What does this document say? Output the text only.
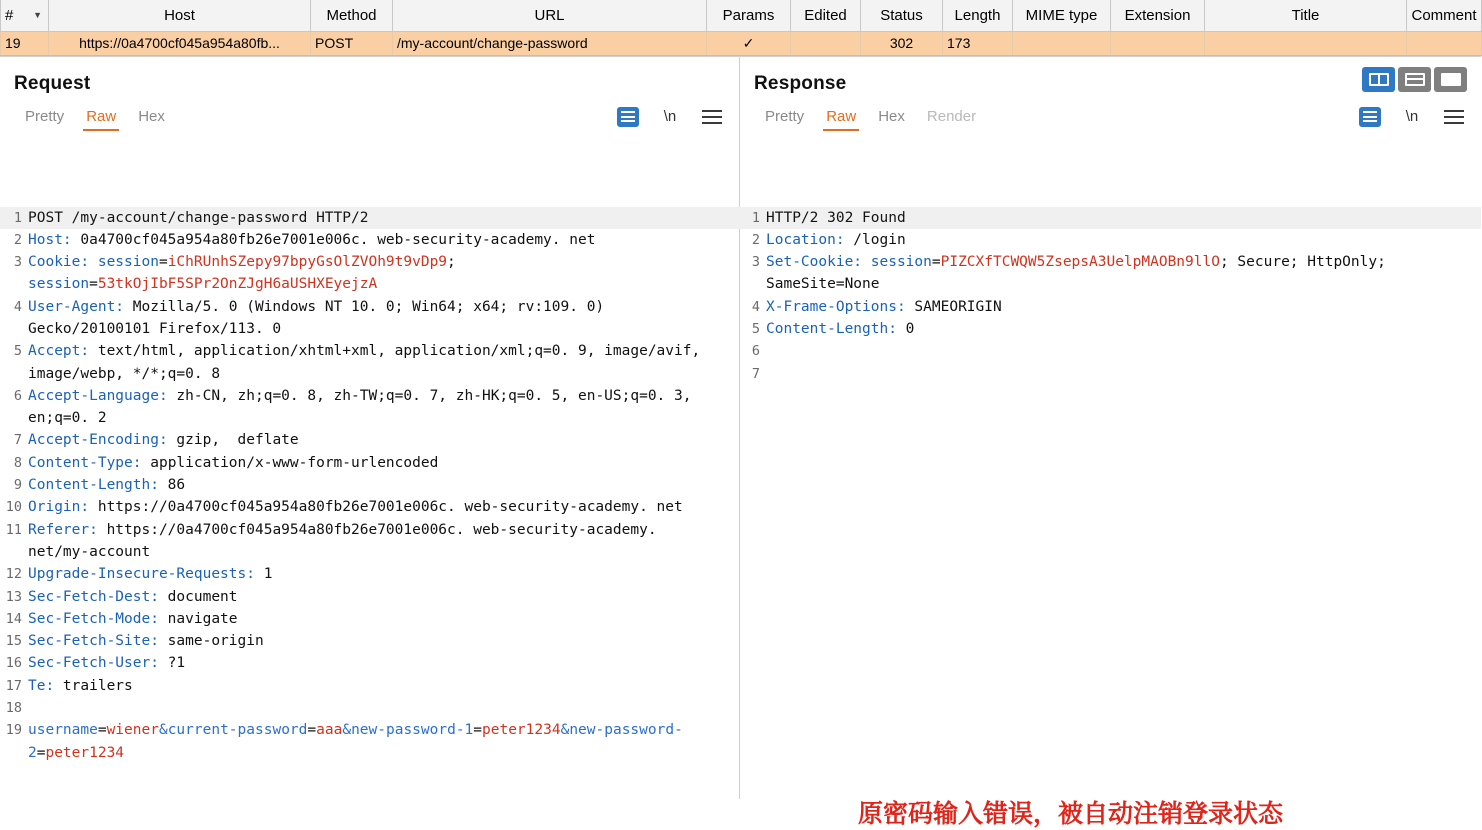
# ▼	Host	Method	URL	Params	Edited	Status	Length	MIME type	Extension	Title	Comment
19	https://0a4700cf045a954a80fb...	POST	/my-account/change-password	✓		302	173				
Request
Pretty	Raw	Hex	\n
1 POST /my-account/change-password HTTP/2
2 Host: 0a4700cf045a954a80fb26e7001e006c. web-security-academy. net
3 Cookie: session=iChRUnhSZepy97bpyGsOlZVOh9t9vDp9; session=53tkOjIbF5SPr2OnZJgH6aUSHXEyejzA
4 User-Agent: Mozilla/5. 0 (Windows NT 10. 0; Win64; x64; rv:109. 0) Gecko/20100101 Firefox/113. 0
5 Accept: text/html, application/xhtml+xml, application/xml;q=0. 9, image/avif, image/webp, */*;q=0. 8
6 Accept-Language: zh-CN, zh;q=0. 8, zh-TW;q=0. 7, zh-HK;q=0. 5, en-US;q=0. 3, en;q=0. 2
7 Accept-Encoding: gzip,  deflate
8 Content-Type: application/x-www-form-urlencoded
9 Content-Length: 86
10 Origin: https://0a4700cf045a954a80fb26e7001e006c. web-security-academy. net
11 Referer: https://0a4700cf045a954a80fb26e7001e006c. web-security-academy. net/my-account
12 Upgrade-Insecure-Requests: 1
13 Sec-Fetch-Dest: document
14 Sec-Fetch-Mode: navigate
15 Sec-Fetch-Site: same-origin
16 Sec-Fetch-User: ?1
17 Te: trailers
18
19 username=wiener&current-password=aaa&new-password-1=peter1234&new-password-2=peter1234
Response
Pretty	Raw	Hex	Render	\n
1 HTTP/2 302 Found
2 Location: /login
3 Set-Cookie: session=PIZCXfTCWQW5ZsepsA3UelpMAOBn9llO; Secure; HttpOnly; SameSite=None
4 X-Frame-Options: SAMEORIGIN
5 Content-Length: 0
6
7
原密码输入错误，被自动注销登录状态
